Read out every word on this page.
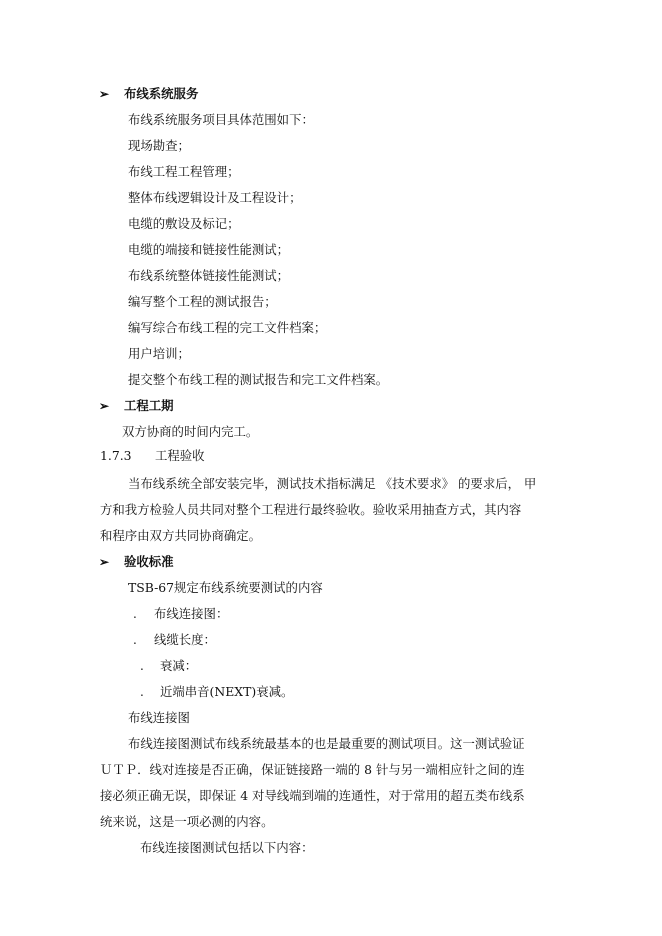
➢ 布线系统服务
布线系统服务项目具体范围如下：
现场勘查；
布线工程工程管理；
整体布线逻辑设计及工程设计；
电缆的敷设及标记；
电缆的端接和链接性能测试；
布线系统整体链接性能测试；
编写整个工程的测试报告；
编写综合布线工程的完工文件档案；
用户培训；
提交整个布线工程的测试报告和完工文件档案。
➢ 工程工期
双方协商的时间内完工。
1.7.3 工程验收
当布线系统全部安装完毕，测试技术指标满足 《技术要求》 的要求后， 甲
方和我方检验人员共同对整个工程进行最终验收。验收采用抽查方式，其内容
和程序由双方共同协商确定。
➢ 验收标准
TSB-67规定布线系统要测试的内容
. 布线连接图：
. 线缆长度：
. 衰减：
. 近端串音(NEXT)衰减。
布线连接图
布线连接图测试布线系统最基本的也是最重要的测试项目。这一测试验证
ＵＴＰ．线对连接是否正确，保证链接路一端的 8 针与另一端相应针之间的连
接必须正确无误，即保证 4 对导线端到端的连通性，对于常用的超五类布线系
统来说，这是一项必测的内容。
布线连接图测试包括以下内容：
